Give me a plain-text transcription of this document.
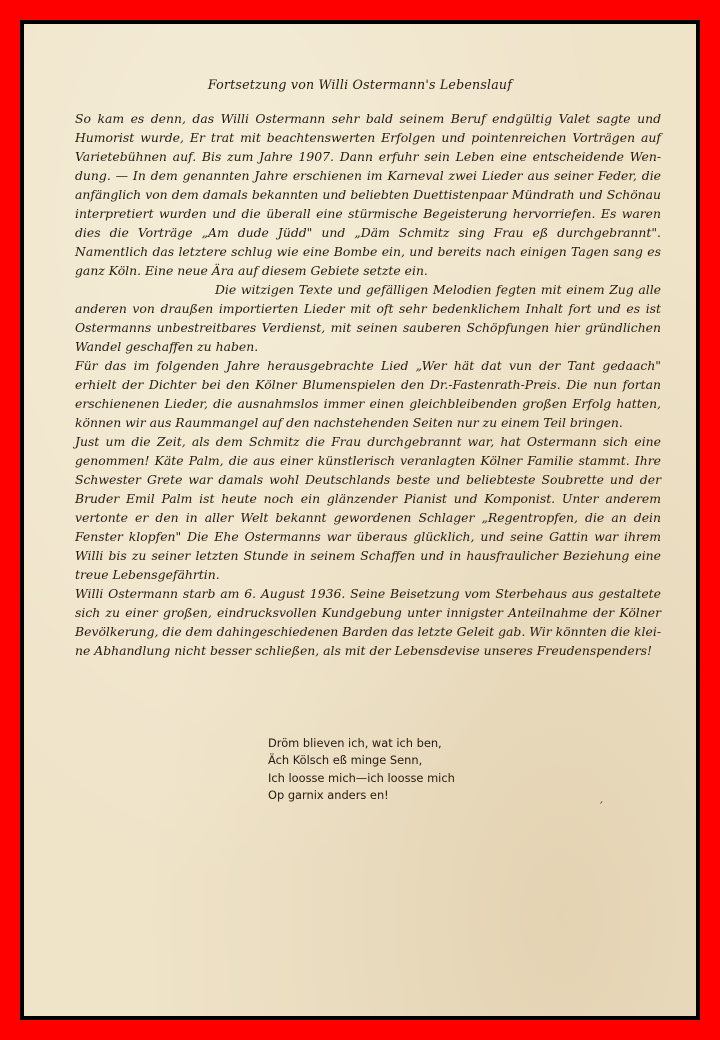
Fortsetzung von Willi Ostermann's Lebenslauf

So kam es denn, das Willi Ostermann sehr bald seinem Beruf endgültig Valet sagte und Humorist wurde, Er trat mit beachtenswerten Erfolgen und pointenreichen Vorträgen auf Varietebühnen auf. Bis zum Jahre 1907. Dann erfuhr sein Leben eine entscheidende Wendung. — In dem genannten Jahre erschienen im Karneval zwei Lieder aus seiner Feder, die anfänglich von dem damals bekannten und beliebten Duettistenpaar Mündrath und Schönau interpretiert wurden und die überall eine stürmische Begeisterung hervorriefen. Es waren dies die Vorträge „Am dude Jüdd" und „Däm Schmitz sing Frau eß durchgebrannt". Namentlich das letztere schlug wie eine Bombe ein, und bereits nach einigen Tagen sang es ganz Köln. Eine neue Ära auf diesem Gebiete setzte ein.

Die witzigen Texte und gefälligen Melodien fegten mit einem Zug alle anderen von draußen importierten Lieder mit oft sehr bedenklichem Inhalt fort und es ist Ostermanns unbestreitbares Verdienst, mit seinen sauberen Schöpfungen hier gründlichen Wandel geschaffen zu haben.

Für das im folgenden Jahre herausgebrachte Lied „Wer hät dat vun der Tant gedaach" erhielt der Dichter bei den Kölner Blumenspielen den Dr.-Fastenrath-Preis. Die nun fortan erschienenen Lieder, die ausnahmslos immer einen gleichbleibenden großen Erfolg hatten, können wir aus Raummangel auf den nachstehenden Seiten nur zu einem Teil bringen.

Just um die Zeit, als dem Schmitz die Frau durchgebrannt war, hat Ostermann sich eine genommen! Käte Palm, die aus einer künstlerisch veranlagten Kölner Familie stammt. Ihre Schwester Grete war damals wohl Deutschlands beste und beliebteste Soubrette und der Bruder Emil Palm ist heute noch ein glänzender Pianist und Komponist. Unter anderem vertonte er den in aller Welt bekannt gewordenen Schlager „Regentropfen, die an dein Fenster klopfen" Die Ehe Ostermanns war überaus glücklich, und seine Gattin war ihrem Willi bis zu seiner letzten Stunde in seinem Schaffen und in hausfraulicher Beziehung eine treue Lebensgefährtin.

Willi Ostermann starb am 6. August 1936. Seine Beisetzung vom Sterbehaus aus gestaltete sich zu einer großen, eindrucksvollen Kundgebung unter innigster Anteilnahme der Kölner Bevölkerung, die dem dahingeschiedenen Barden das letzte Geleit gab. Wir könnten die kleine Abhandlung nicht besser schließen, als mit der Lebensdevise unseres Freudenspenders!

Dröm blieven ich, wat ich ben,
Äch Kölsch eß minge Senn,
Ich loosse mich—ich loosse mich
Op garnix anders en!
ˊ
